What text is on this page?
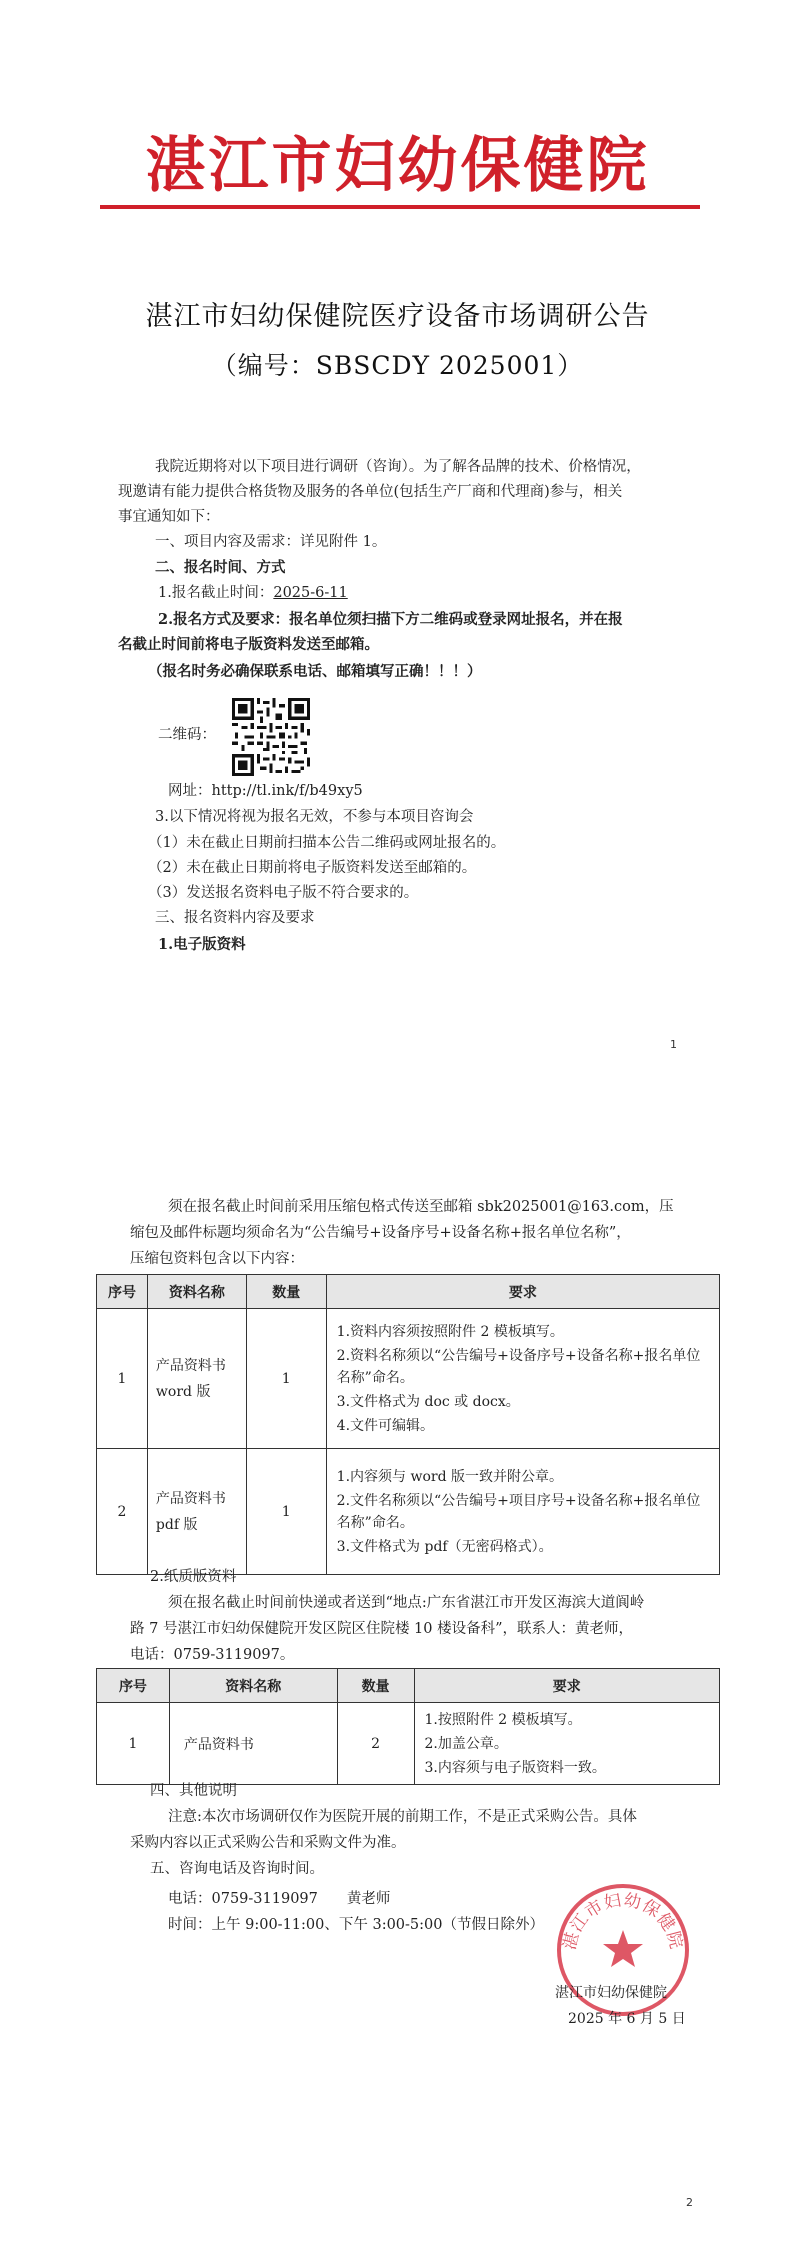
湛江市妇幼保健院
湛江市妇幼保健院医疗设备市场调研公告
（编号：SBSCDY 2025001）
我院近期将对以下项目进行调研（咨询）。为了解各品牌的技术、价格情况，
现邀请有能力提供合格货物及服务的各单位(包括生产厂商和代理商)参与，相关
事宜通知如下：
一、项目内容及需求：详见附件 1。
二、报名时间、方式
1.报名截止时间：2025-6-11
2.报名方式及要求：报名单位须扫描下方二维码或登录网址报名，并在报
名截止时间前将电子版资料发送至邮箱。
（报名时务必确保联系电话、邮箱填写正确！！！）
二维码：
网址：http://tl.ink/f/b49xy5
3.以下情况将视为报名无效，不参与本项目咨询会
（1）未在截止日期前扫描本公告二维码或网址报名的。
（2）未在截止日期前将电子版资料发送至邮箱的。
（3）发送报名资料电子版不符合要求的。
三、报名资料内容及要求
1.电子版资料
1
须在报名截止时间前采用压缩包格式传送至邮箱 sbk2025001@163.com，压
缩包及邮件标题均须命名为“公告编号+设备序号+设备名称+报名单位名称”，
压缩包资料包含以下内容：
序号	资料名称	数量	要求
1	产品资料书 word 版	1	1.资料内容须按照附件 2 模板填写。
2.资料名称须以“公告编号+设备序号+设备名称+报名单位名称”命名。
3.文件格式为 doc 或 docx。
4.文件可编辑。

2	产品资料书 pdf 版	1	1.内容须与 word 版一致并附公章。
2.文件名称须以“公告编号+项目序号+设备名称+报名单位名称”命名。
3.文件格式为 pdf（无密码格式）。
2.纸质版资料
须在报名截止时间前快递或者送到“地点:广东省湛江市开发区海滨大道阆岭
路 7 号湛江市妇幼保健院开发区院区住院楼 10 楼设备科”，联系人：黄老师，
电话：0759-3119097。
序号	资料名称	数量	要求
1	产品资料书	2	1.按照附件 2 模板填写。
2.加盖公章。
3.内容须与电子版资料一致。
四、其他说明
注意:本次市场调研仅作为医院开展的前期工作，不是正式采购公告。具体
采购内容以正式采购公告和采购文件为准。
五、咨询电话及咨询时间。
电话：0759-3119097　　黄老师
时间：上午 9:00-11:00、下午 3:00-5:00（节假日除外）
湛江市妇幼保健院
湛江市妇幼保健院
2025 年 6 月 5 日
2
